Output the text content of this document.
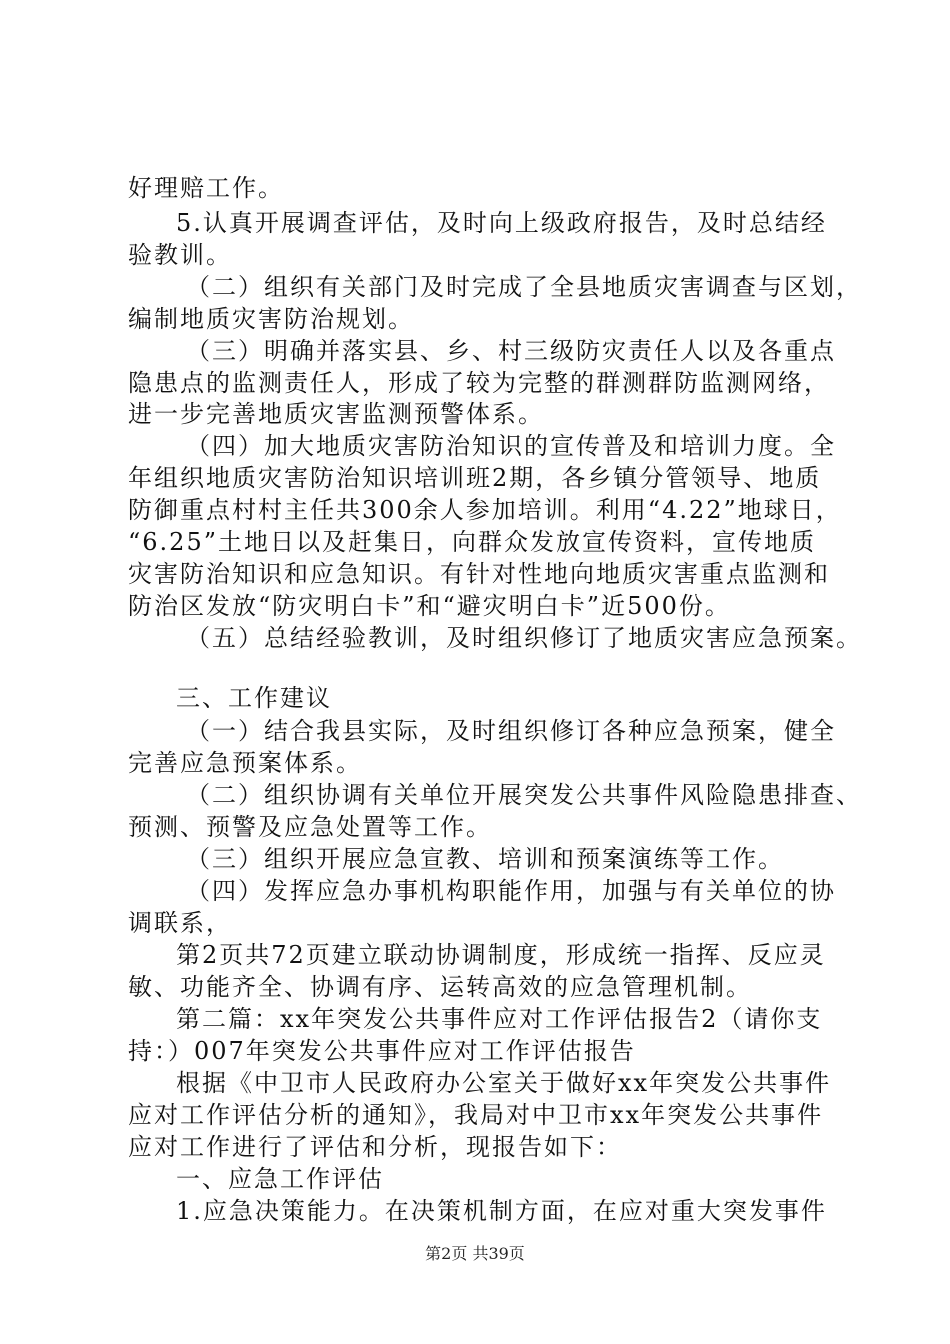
好理赔工作。
5.认真开展调查评估，及时向上级政府报告，及时总结经
验教训。
（二）组织有关部门及时完成了全县地质灾害调查与区划，
编制地质灾害防治规划。
（三）明确并落实县、乡、村三级防灾责任人以及各重点
隐患点的监测责任人，形成了较为完整的群测群防监测网络，
进一步完善地质灾害监测预警体系。
（四）加大地质灾害防治知识的宣传普及和培训力度。全
年组织地质灾害防治知识培训班2期，各乡镇分管领导、地质
防御重点村村主任共300余人参加培训。利用“4.22”地球日，
“6.25”土地日以及赶集日，向群众发放宣传资料，宣传地质
灾害防治知识和应急知识。有针对性地向地质灾害重点监测和
防治区发放“防灾明白卡”和“避灾明白卡”近500份。
（五）总结经验教训，及时组织修订了地质灾害应急预案。
三、工作建议
（一）结合我县实际，及时组织修订各种应急预案，健全
完善应急预案体系。
（二）组织协调有关单位开展突发公共事件风险隐患排查、
预测、预警及应急处置等工作。
（三）组织开展应急宣教、培训和预案演练等工作。
（四）发挥应急办事机构职能作用，加强与有关单位的协
调联系，
第2页共72页建立联动协调制度，形成统一指挥、反应灵
敏、功能齐全、协调有序、运转高效的应急管理机制。
第二篇：xx年突发公共事件应对工作评估报告2（请你支
持：）007年突发公共事件应对工作评估报告
根据《中卫市人民政府办公室关于做好xx年突发公共事件
应对工作评估分析的通知》，我局对中卫市xx年突发公共事件
应对工作进行了评估和分析，现报告如下：
一、应急工作评估
1.应急决策能力。在决策机制方面，在应对重大突发事件
第2页 共39页
